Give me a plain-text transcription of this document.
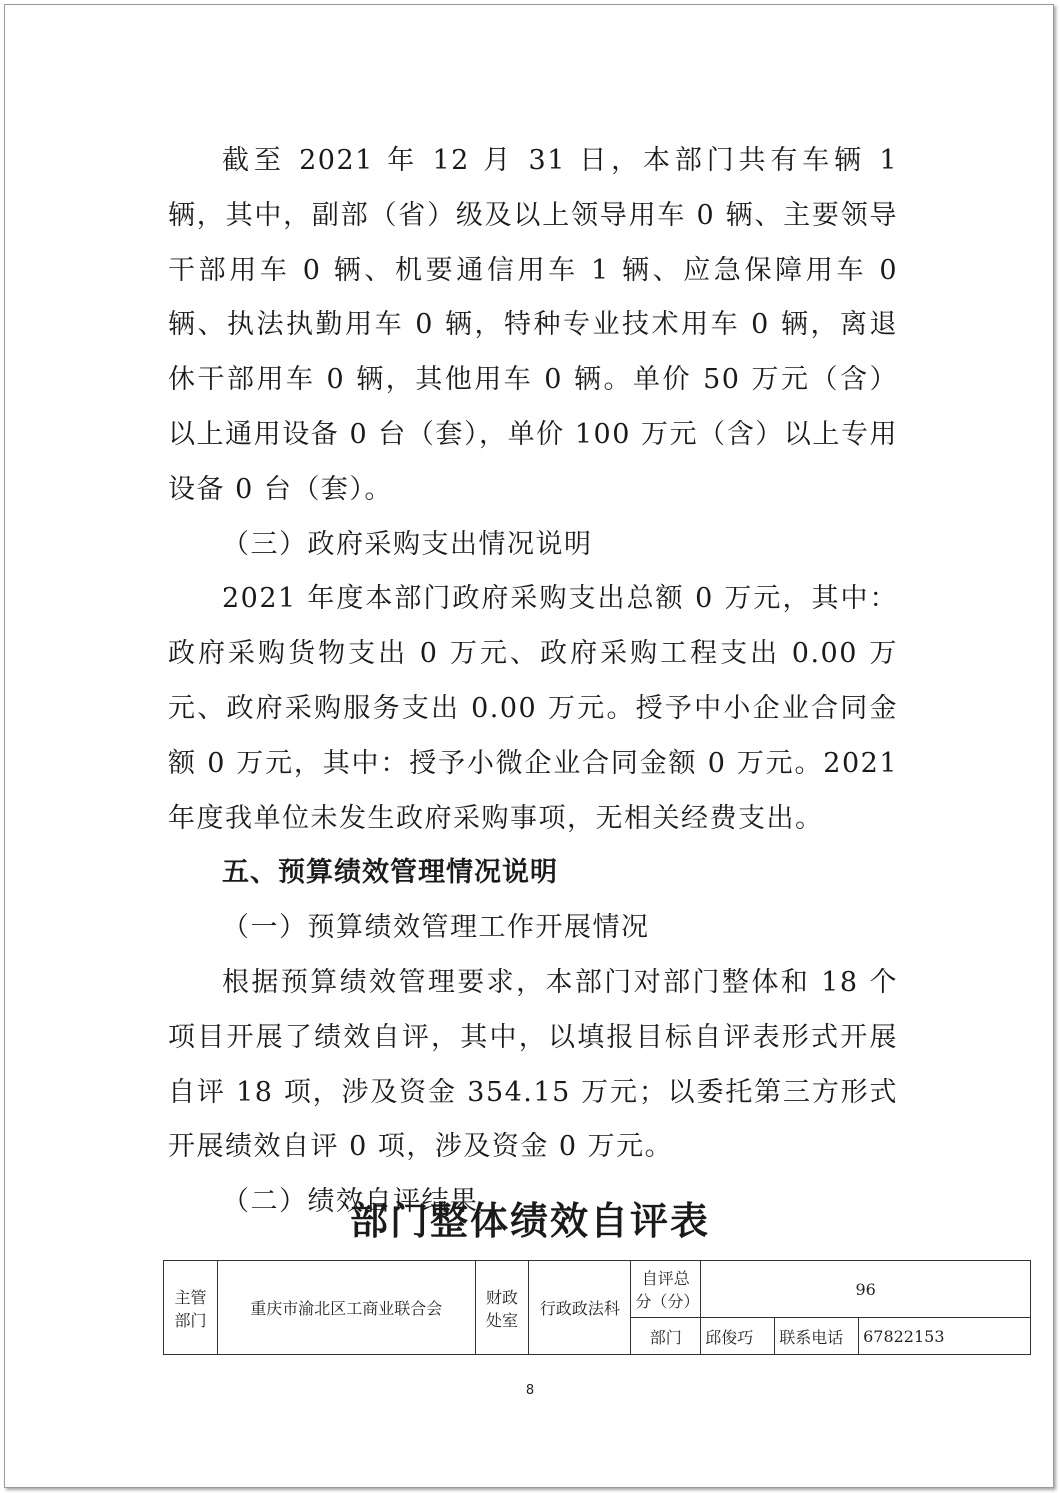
截至 2021 年 12 月 31 日，本部门共有车辆 1 辆，其中，副部（省）级及以上领导用车 0 辆、主要领导干部用车 0 辆、机要通信用车 1 辆、应急保障用车 0 辆、执法执勤用车 0 辆，特种专业技术用车 0 辆，离退休干部用车 0 辆，其他用车 0 辆。单价 50 万元（含）以上通用设备 0 台（套），单价 100 万元（含）以上专用设备 0 台（套）。

（三）政府采购支出情况说明

2021 年度本部门政府采购支出总额 0 万元，其中：政府采购货物支出 0 万元、政府采购工程支出 0.00 万元、政府采购服务支出 0.00 万元。授予中小企业合同金额 0 万元，其中：授予小微企业合同金额 0 万元。2021 年度我单位未发生政府采购事项，无相关经费支出。

五、预算绩效管理情况说明

（一）预算绩效管理工作开展情况

根据预算绩效管理要求，本部门对部门整体和 18 个项目开展了绩效自评，其中，以填报目标自评表形式开展自评 18 项，涉及资金 354.15 万元；以委托第三方形式开展绩效自评 0 项，涉及资金 0 万元。

（二）绩效自评结果

部门整体绩效自评表
主管部门	重庆市渝北区工商业联合会	财政处室	行政政法科	自评总分（分）	96		
				部门	邱俊巧	联系电话	67822153
8
